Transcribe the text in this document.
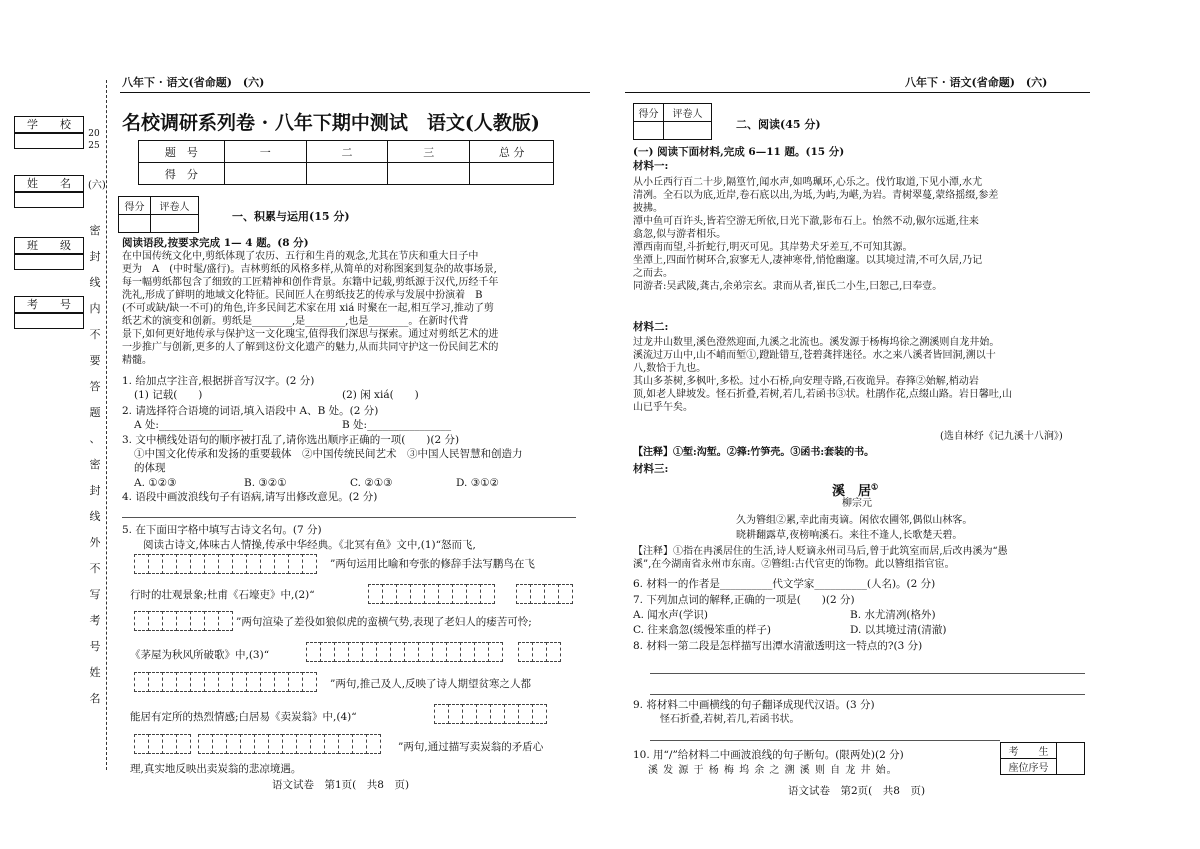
学　　校
姓　　名
班　　级
考　　号
2025
(六)
密
封
线
内
不
要
答
题
、
密
封
线
外
不
写
考
号
姓
名
八年下 · 语文(省命题)　(六)	八年下 · 语文(省命题)　(六)
名校调研系列卷 · 八年下期中测试　语文(人教版)
题　号	一	二	三	总 分
得　分				
得分	评卷人

一、积累与运用(15 分)
阅读语段,按要求完成 1— 4 题。(8 分)
在中国传统文化中,剪纸体现了农历、五行和生肖的观念,尤其在节庆和重大日子中
更为　A　(中时髦/盛行)。吉林剪纸的风格多样,从简单的对称图案到复杂的故事场景,
每一幅剪纸都包含了细致的工匠精神和创作背景。东籍中记载,剪纸源于汉代,历经千年
洗礼,形成了鲜明的地域文化特征。民间匠人在剪纸技艺的传承与发展中扮演着　B　
(不可或缺/缺一不可)的角色,许多民间艺术家在用 xiá 时聚在一起,相互学习,推动了剪
纸艺术的演变和创新。剪纸是________,是________,也是________。在新时代背
景下,如何更好地传承与保护这一文化瑰宝,值得我们深思与探索。通过对剪纸艺术的进
一步推广与创新,更多的人了解到这份文化遗产的魅力,从而共同守护这一份民间艺术的
精髓。
1. 给加点字注音,根据拼音写汉字。(2 分)
(1) 记载(　　)	(2) 闲 xiá(　　)
2. 请选择符合语境的词语,填入语段中 A、B 处。(2 分)
A 处:________________	B 处:________________
3. 文中横线处语句的顺序被打乱了,请你选出顺序正确的一项(　　)(2 分)
①中国文化传承和发扬的重要载体　②中国传统民间艺术　③中国人民智慧和创造力
的体现
A. ①②③	B. ③②①	C. ②①③	D. ③①②
4. 语段中画波浪线句子有语病,请写出修改意见。(2 分)
5. 在下面田字格中填写古诗文名句。(7 分)
阅读古诗文,体味古人情操,传承中华经典。《北冥有鱼》文中,(1)“怒而飞,
”两句运用比喻和夸张的修辞手法写鹏鸟在飞
行时的壮观景象;杜甫《石壕吏》中,(2)“
”两句渲染了差役如狼似虎的蛮横气势,表现了老妇人的痿苦可怜;
《茅屋为秋风所破歌》中,(3)“
”两句,推己及人,反映了诗人期望贫寒之人都
能居有定所的热烈情感;白居易《卖炭翁》中,(4)“
”两句,通过描写卖炭翁的矛盾心
理,真实地反映出卖炭翁的悲凉境遇。
语文试卷　第1页(　共8　页)
得分	评卷人

二、阅读(45 分)
(一) 阅读下面材料,完成 6—11 题。(15 分)
材料一:
从小丘西行百二十步,隔篁竹,闻水声,如鸣珮环,心乐之。伐竹取道,下见小潭,水尤
清冽。全石以为底,近岸,卷石底以出,为坻,为屿,为嵁,为岩。青树翠蔓,蒙络摇缀,参差
披拂。
潭中鱼可百许头,皆若空游无所依,日光下澈,影布石上。怡然不动,俶尔远逝,往来
翕忽,似与游者相乐。
潭西南而望,斗折蛇行,明灭可见。其岸势犬牙差互,不可知其源。
坐潭上,四面竹树环合,寂寥无人,凄神寒骨,悄怆幽邃。以其境过清,不可久居,乃记
之而去。
同游者:吴武陵,龚古,余弟宗玄。隶而从者,崔氏二小生,曰恕己,曰奉壹。
材料二:
过龙井山数里,溪色澄然迎面,九溪之北流也。溪发源于杨梅坞徐之溯溪则自龙井始。
溪流过万山中,山不峭而堑①,蹬趾错互,苍碧龚拌迷径。水之来八溪者皆回洞,溯以十
八,数恰于九也。
其山多茶树,多枫叶,多松。过小石桥,向安理寺路,石夜诡异。春箨②始解,梢动岩
顶,如老人肆坡发。怪石折叠,若树,若几,若函书③状。杜鹃作花,点缀山路。岩日馨吐,山
山已乎午矣。
(选自林纾《记九溪十八涧》)
【注释】①堑:沟堑。②箨:竹笋壳。③函书:套装的书。
材料三:
溪　居①
柳宗元
久为簪组②累,幸此南夷谪。闲依农圃邻,偶似山林客。
晓耕翻露草,夜榜响溪石。来往不逢人,长歌楚天碧。
【注释】①指在冉溪居住的生活,诗人贬谪永州司马后,曾于此筑室而居,后改冉溪为“愚
溪”,在今湖南省永州市东南。②簪组:古代官吏的饰物。此以簪组指官宦。
6. 材料一的作者是__________代文学家__________(人名)。(2 分)
7. 下列加点词的解释,正确的一项是(　　)(2 分)
A. 闻水声(学识)	B. 水尤清冽(格外)
C. 往来翕忽(缓慢笨重的样子)	D. 以其境过清(清澈)
8. 材料一第二段是怎样描写出潭水清澈透明这一特点的?(3 分)
9. 将材料二中画横线的句子翻译成现代汉语。(3 分)
怪石折叠,若树,若几,若函书状。
10. 用“/”给材料二中画波浪线的句子断句。(限两处)(2 分)
溪 发 源 于 杨 梅 坞 余 之 溯 溪 则 自 龙 井 始。
考　　生	
座位序号
语文试卷　第2页(　共8　页)
